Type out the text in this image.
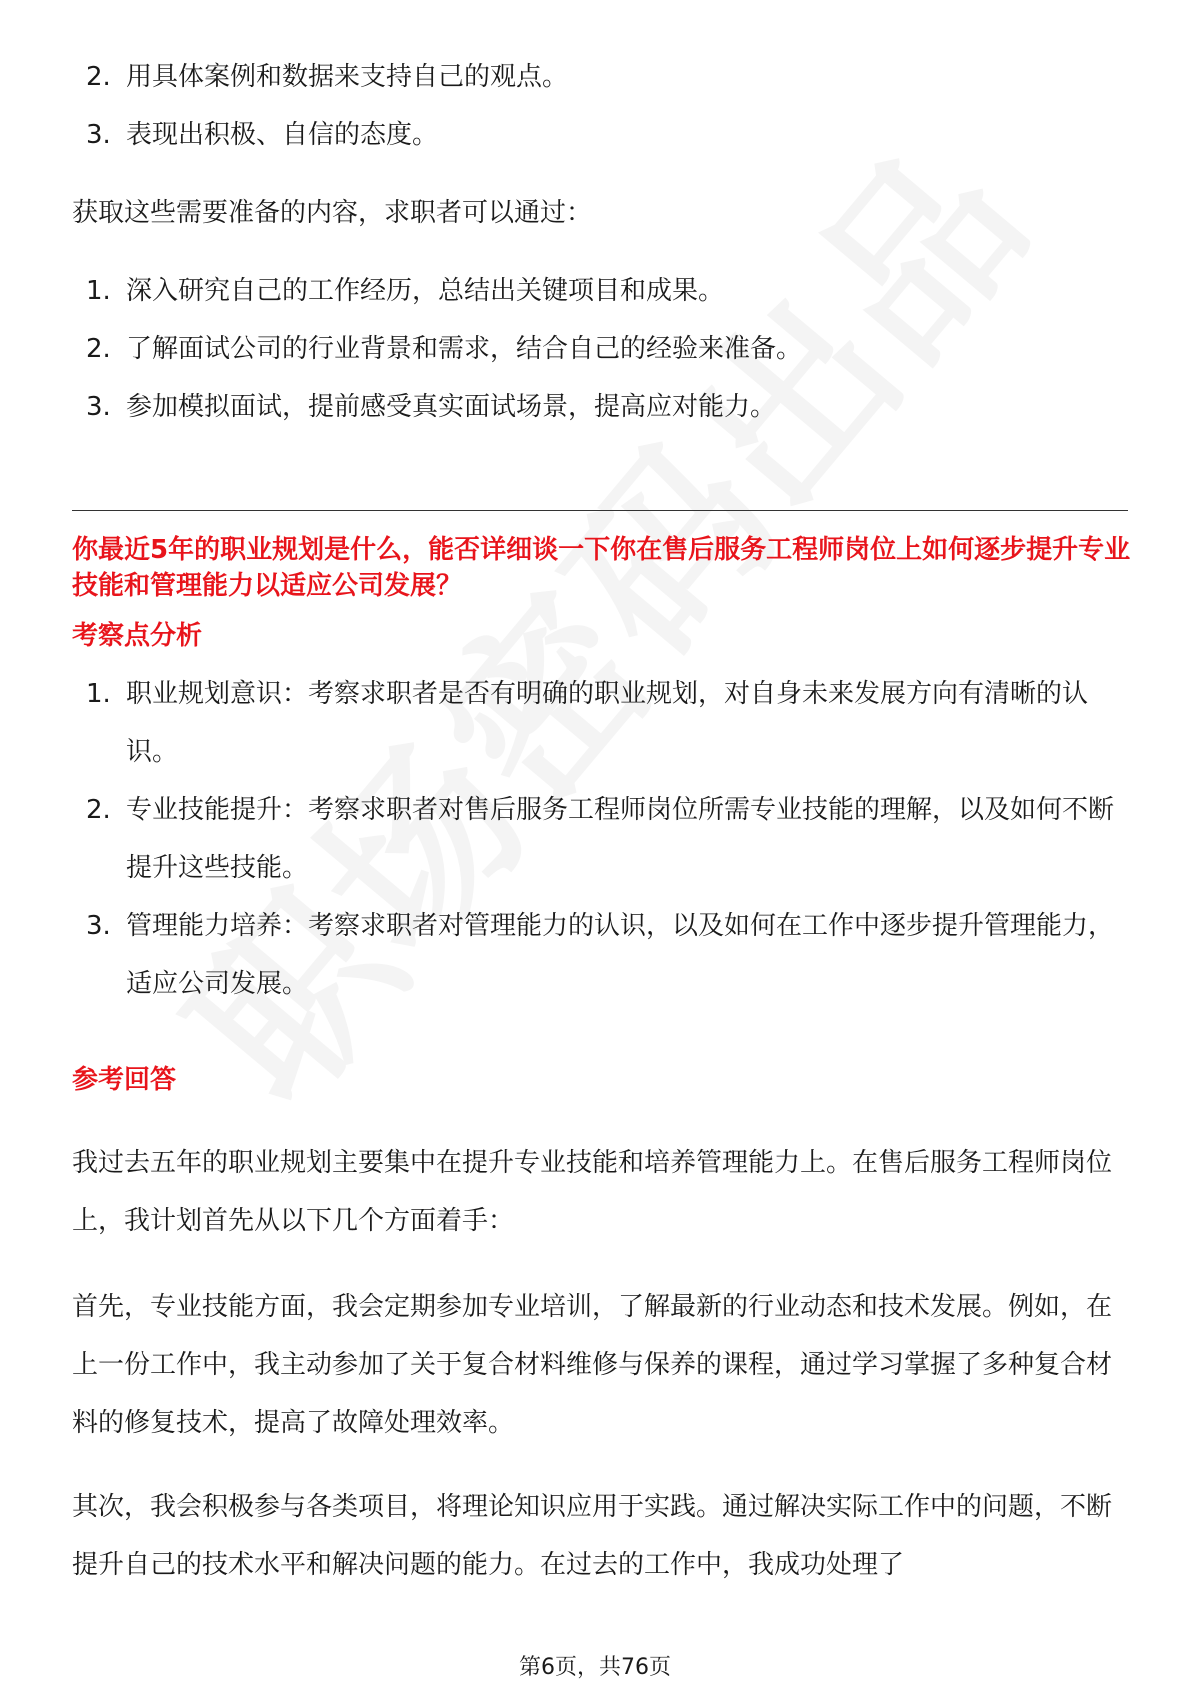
2. 用具体案例和数据来支持自己的观点。
3. 表现出积极、自信的态度。

获取这些需要准备的内容，求职者可以通过：

1. 深入研究自己的工作经历，总结出关键项目和成果。
2. 了解面试公司的行业背景和需求，结合自己的经验来准备。
3. 参加模拟面试，提前感受真实面试场景，提高应对能力。
你最近5年的职业规划是什么，能否详细谈一下你在售后服务工程师岗位上如何逐步提升专业技能和管理能力以适应公司发展？
考察点分析
1. 职业规划意识：考察求职者是否有明确的职业规划，对自身未来发展方向有清晰的认识。
2. 专业技能提升：考察求职者对售后服务工程师岗位所需专业技能的理解，以及如何不断提升这些技能。
3. 管理能力培养：考察求职者对管理能力的认识，以及如何在工作中逐步提升管理能力，适应公司发展。
参考回答

我过去五年的职业规划主要集中在提升专业技能和培养管理能力上。在售后服务工程师岗位上，我计划首先从以下几个方面着手：

首先，专业技能方面，我会定期参加专业培训，了解最新的行业动态和技术发展。例如，在上一份工作中，我主动参加了关于复合材料维修与保养的课程，通过学习掌握了多种复合材料的修复技术，提高了故障处理效率。

其次，我会积极参与各类项目，将理论知识应用于实践。通过解决实际工作中的问题，不断提升自己的技术水平和解决问题的能力。在过去的工作中，我成功处理了

第6页，共76页
